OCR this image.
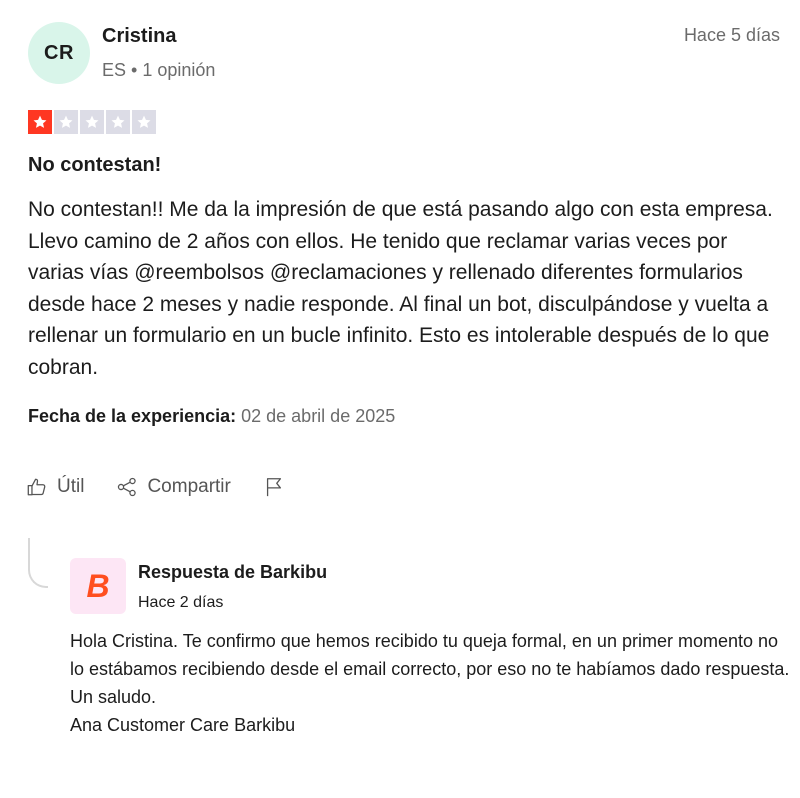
CR
Cristina
ES • 1 opinión
Hace 5 días
No contestan!
No contestan!! Me da la impresión de que está pasando algo con esta empresa. Llevo camino de 2 años con ellos. He tenido que reclamar varias veces por varias vías @reembolsos @reclamaciones y rellenado diferentes formularios desde hace 2 meses y nadie responde. Al final un bot, disculpándose y vuelta a rellenar un formulario en un bucle infinito. Esto es intolerable después de lo que cobran.
Fecha de la experiencia: 02 de abril de 2025
Útil	Compartir
B Respuesta de Barkibu
Hace 2 días
Hola Cristina. Te confirmo que hemos recibido tu queja formal, en un primer momento no lo estábamos recibiendo desde el email correcto, por eso no te habíamos dado respuesta.
Un saludo.
Ana Customer Care Barkibu
